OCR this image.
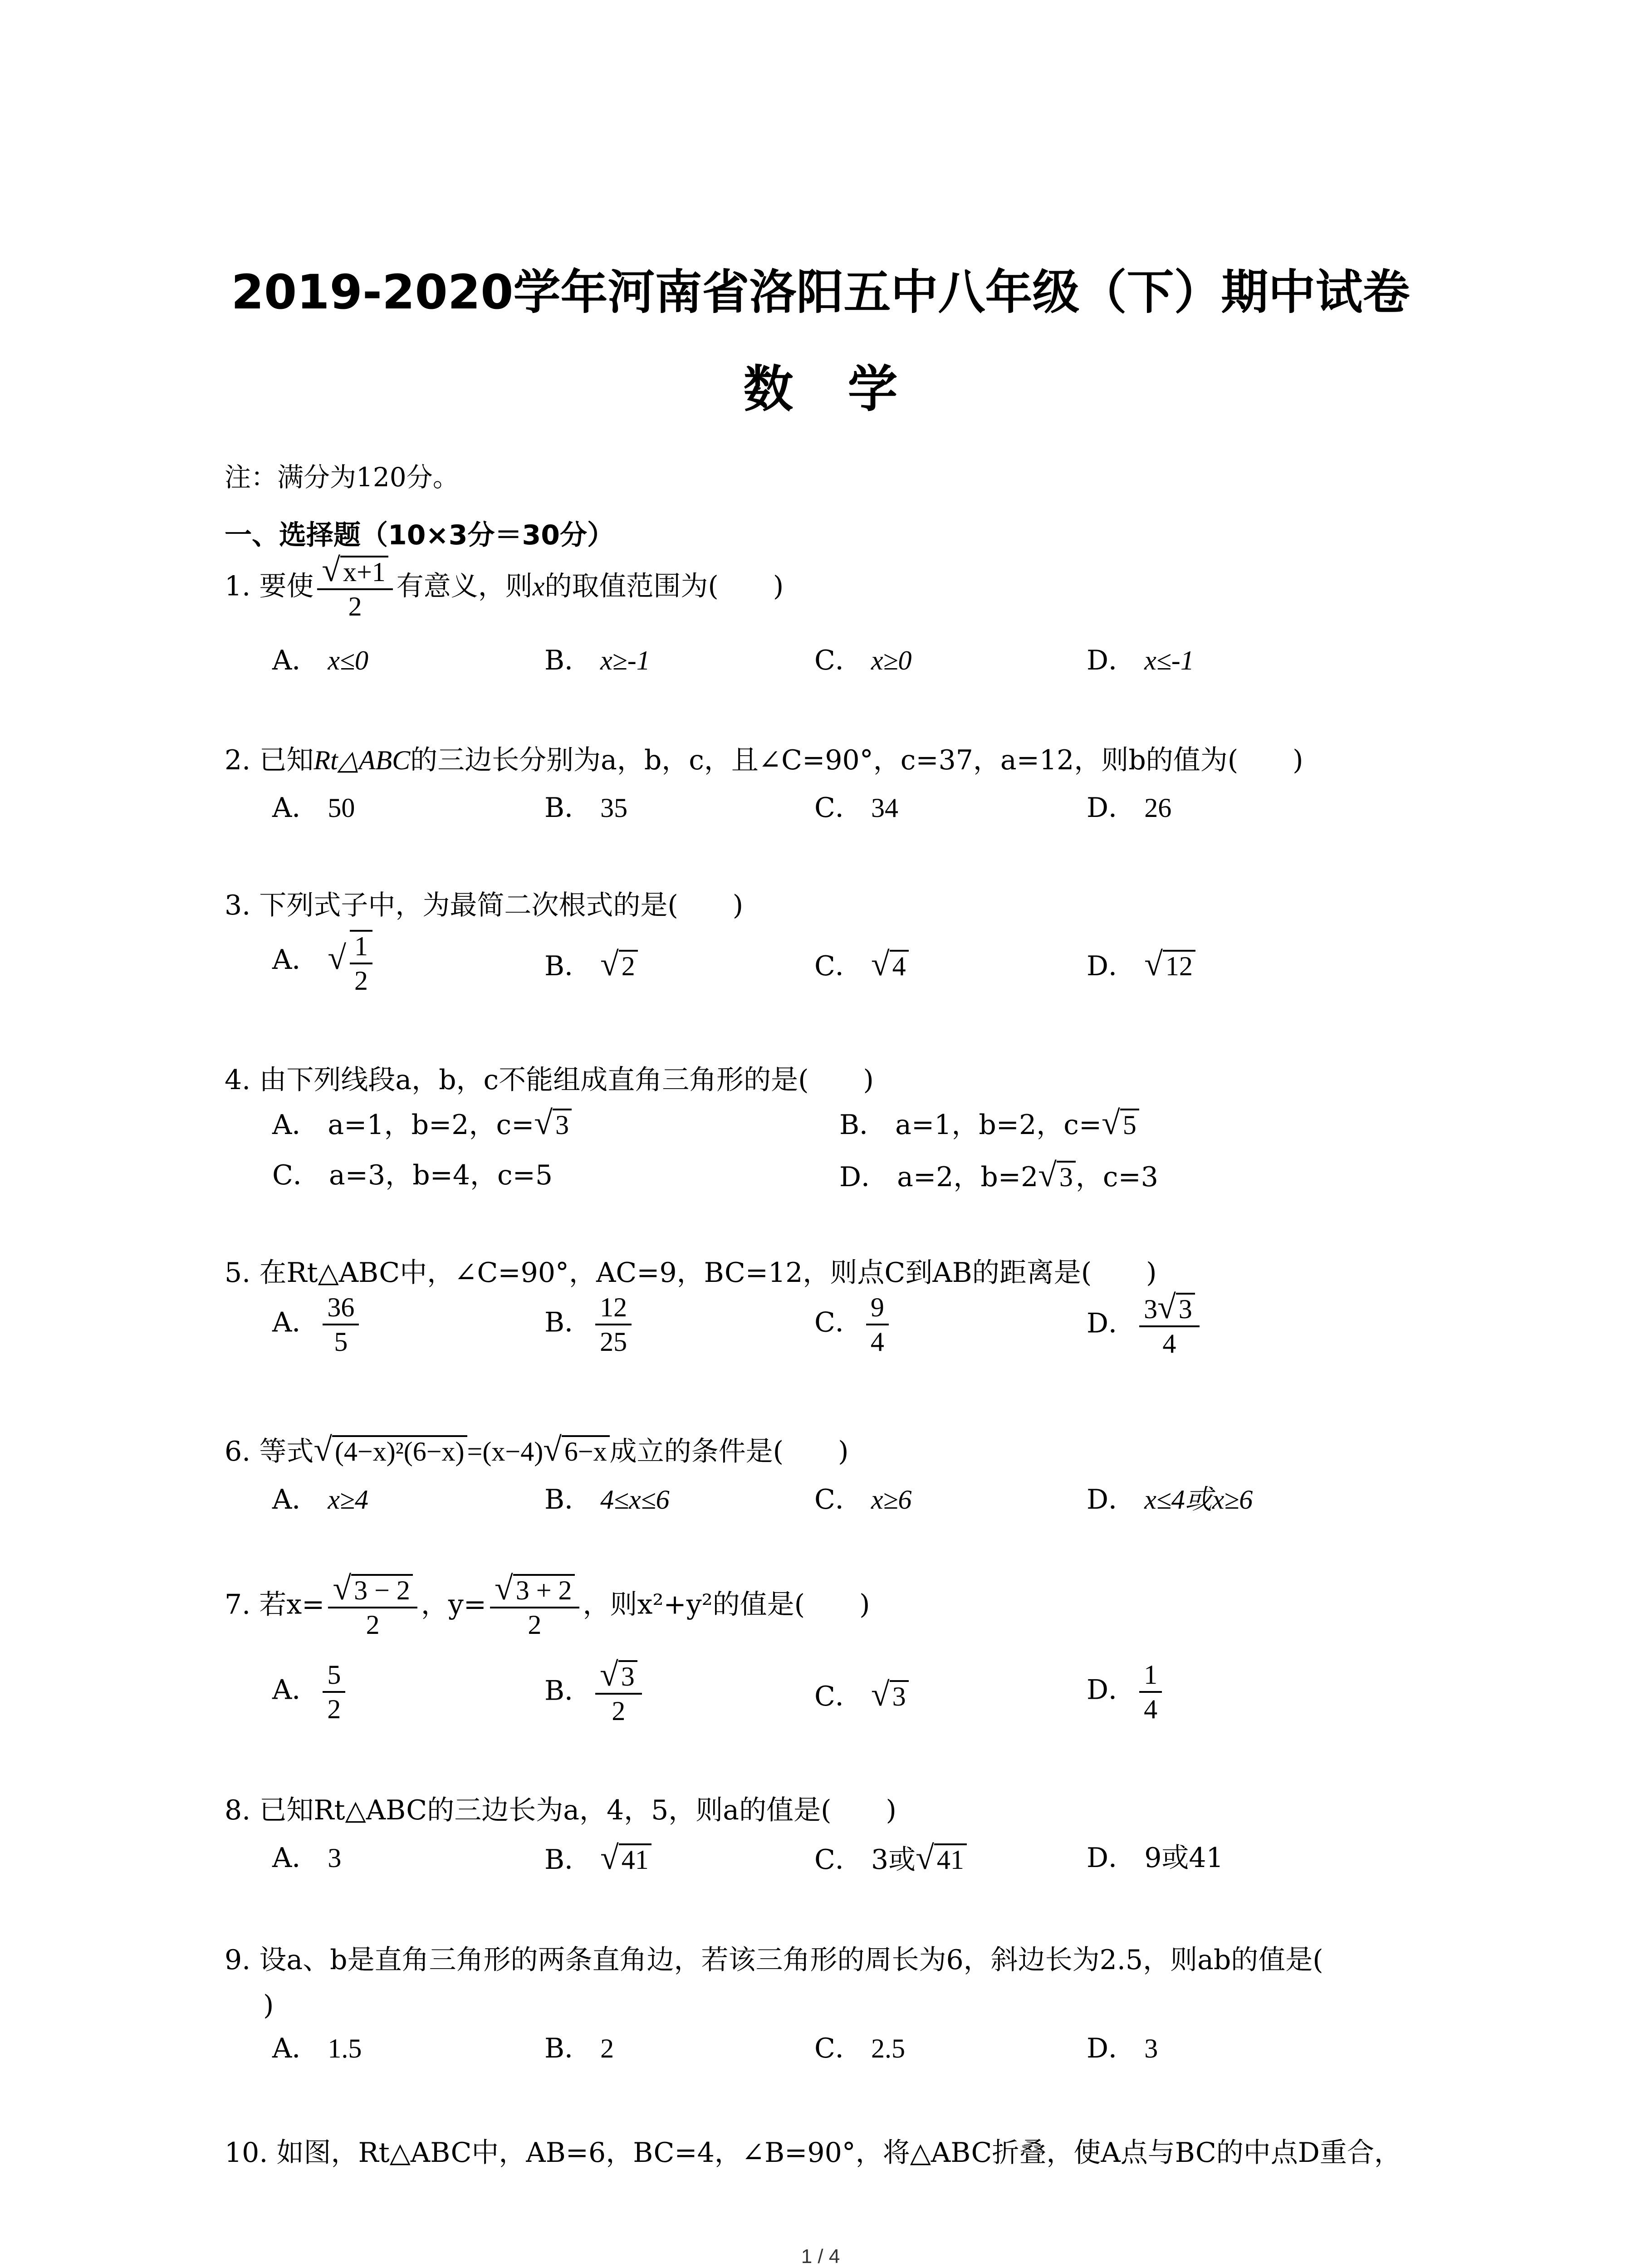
2019-2020学年河南省洛阳五中八年级（下）期中试卷
数学
注：满分为120分。
一、选择题（10×3分＝30分）
1. 要使 $\frac{√ x+1}{2}$ 有意义，则x的取值范围为(　　)
A． x≤0	B． x≥-1	C． x≥0	D． x≤-1
2. 已知Rt△ABC的三边长分别为a，b，c，且∠C=90°，c=37，a=12，则b的值为(　　)
A． 50	B． 35	C． 34	D． 26
3. 下列式子中，为最简二次根式的是(　　)
A． √ $\frac{1}{2}$	B． √ 2	C． √ 4	D． √ 12
4. 由下列线段a，b，c不能组成直角三角形的是(　　)
A． a=1，b=2，c=√ 3	B． a=1，b=2，c=√ 5
C． a=3，b=4，c=5	D． a=2，b=2√ 3 ，c=3
5. 在Rt△ABC中，∠C=90°，AC=9，BC=12，则点C到AB的距离是(　　)
A． $\frac{36}{5}$	B． $\frac{12}{25}$	C． $\frac{9}{4}$	D． $\frac{3√ 3}{4}$
6. 等式√ (4−x)²(6−x) =(x−4)√ 6−x 成立的条件是(　　)
A． x≥4	B． 4≤x≤6	C． x≥6	D． x≤4或x≥6
7. 若$x= \frac{√ 3 - 2}{2}$ ，$y= \frac{√ 3 + 2}{2}$ ，则x²+y²的值是(　　)
A． $\frac{5}{2}$	B． $\frac{√ 3}{2}$	C． √ 3	D． $\frac{1}{4}$
8. 已知Rt△ABC的三边长为a，4，5，则a的值是(　　)
A． 3	B． √ 41	C． 3或√ 41	D． 9或41
9. 设a、b是直角三角形的两条直角边，若该三角形的周长为6，斜边长为2.5，则ab的值是(
)
A． 1.5	B． 2	C． 2.5	D． 3
10. 如图，Rt△ABC中，AB=6，BC=4，∠B=90°，将△ABC折叠，使A点与BC的中点D重合，
1 / 4
